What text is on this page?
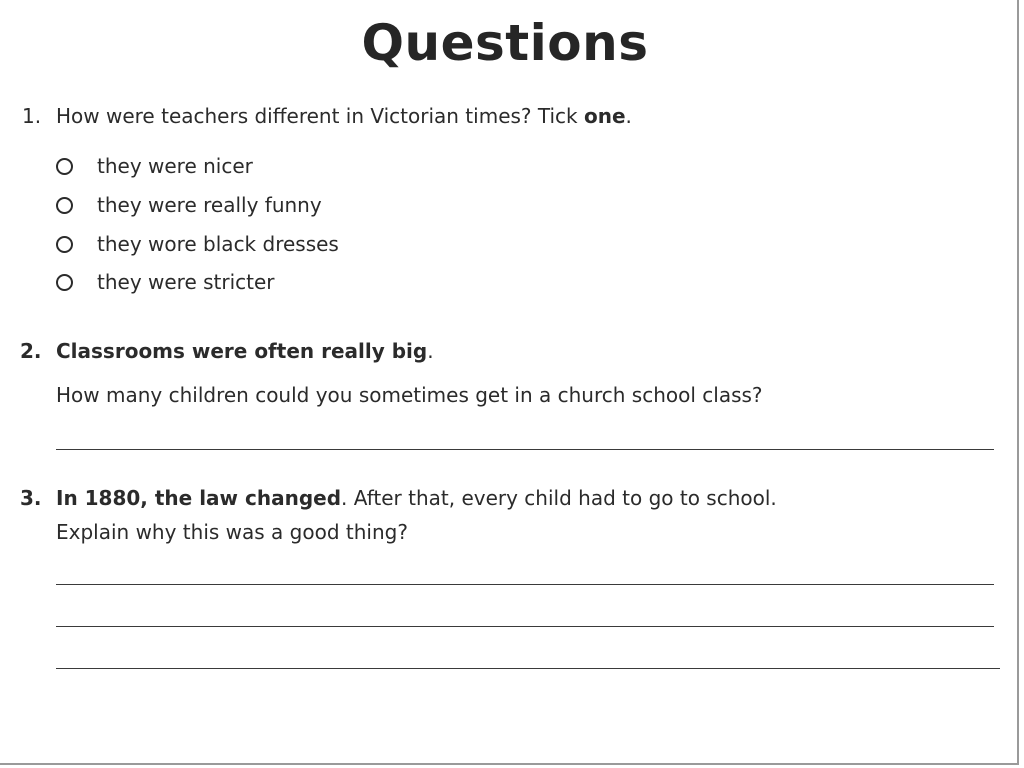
Questions
1. How were teachers different in Victorian times? Tick one.
they were nicer
they were really funny
they wore black dresses
they were stricter
2. Classrooms were often really big.
How many children could you sometimes get in a church school class?
3. In 1880, the law changed. After that, every child had to go to school.
Explain why this was a good thing?
